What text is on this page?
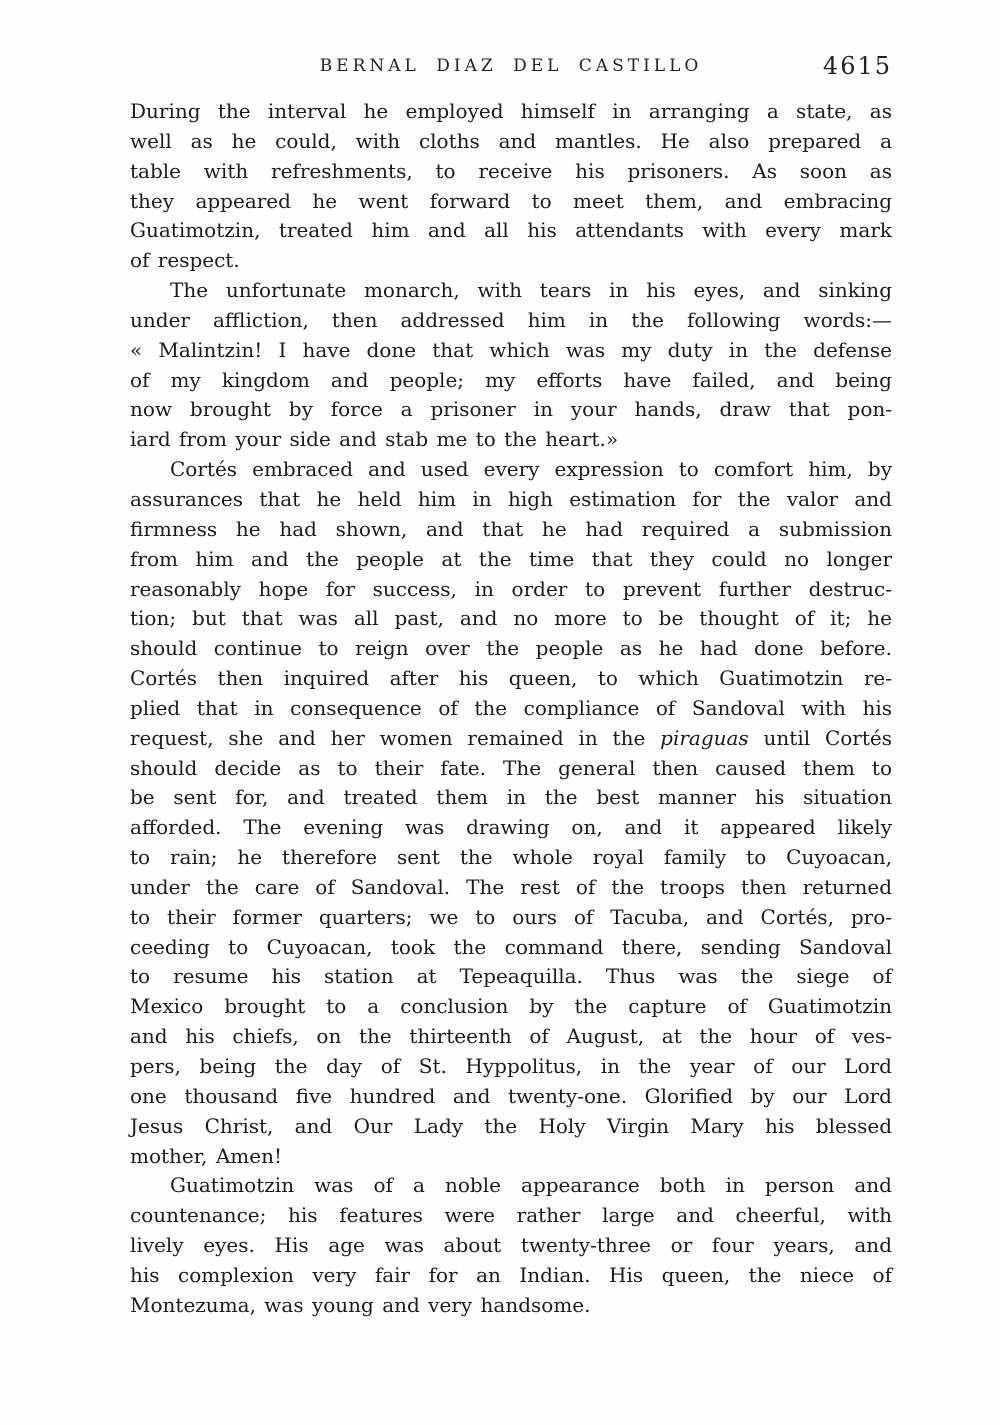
BERNAL DIAZ DEL CASTILLO	4615
During the interval he employed himself in arranging a state, as
well as he could, with cloths and mantles. He also prepared a
table with refreshments, to receive his prisoners. As soon as
they appeared he went forward to meet them, and embracing
Guatimotzin, treated him and all his attendants with every mark
of respect.
The unfortunate monarch, with tears in his eyes, and sinking
under affliction, then addressed him in the following words:—
« Malintzin! I have done that which was my duty in the defense
of my kingdom and people; my efforts have failed, and being
now brought by force a prisoner in your hands, draw that pon-
iard from your side and stab me to the heart.»
Cortés embraced and used every expression to comfort him, by
assurances that he held him in high estimation for the valor and
firmness he had shown, and that he had required a submission
from him and the people at the time that they could no longer
reasonably hope for success, in order to prevent further destruc-
tion; but that was all past, and no more to be thought of it; he
should continue to reign over the people as he had done before.
Cortés then inquired after his queen, to which Guatimotzin re-
plied that in consequence of the compliance of Sandoval with his
request, she and her women remained in the piraguas until Cortés
should decide as to their fate. The general then caused them to
be sent for, and treated them in the best manner his situation
afforded. The evening was drawing on, and it appeared likely
to rain; he therefore sent the whole royal family to Cuyoacan,
under the care of Sandoval. The rest of the troops then returned
to their former quarters; we to ours of Tacuba, and Cortés, pro-
ceeding to Cuyoacan, took the command there, sending Sandoval
to resume his station at Tepeaquilla. Thus was the siege of
Mexico brought to a conclusion by the capture of Guatimotzin
and his chiefs, on the thirteenth of August, at the hour of ves-
pers, being the day of St. Hyppolitus, in the year of our Lord
one thousand five hundred and twenty-one. Glorified by our Lord
Jesus Christ, and Our Lady the Holy Virgin Mary his blessed
mother, Amen!
Guatimotzin was of a noble appearance both in person and
countenance; his features were rather large and cheerful, with
lively eyes. His age was about twenty-three or four years, and
his complexion very fair for an Indian. His queen, the niece of
Montezuma, was young and very handsome.
